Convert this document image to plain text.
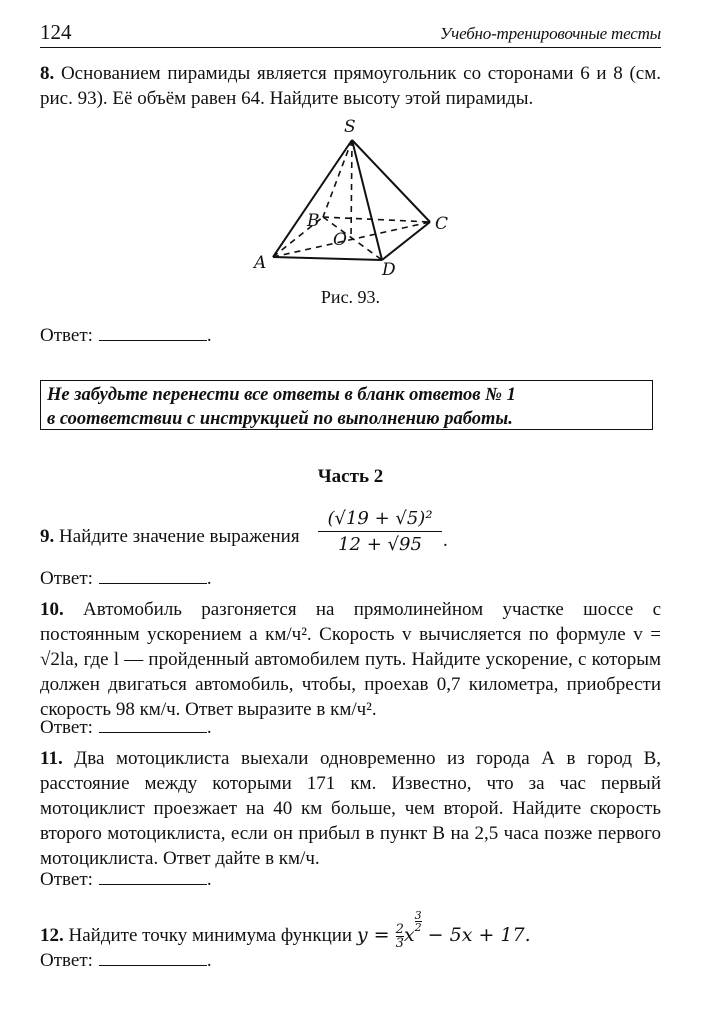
124	Учебно-тренировочные тесты
8. Основанием пирамиды является прямоугольник со сторонами 6 и 8 (см. рис. 93). Её объём равен 64. Найдите высоту этой пирамиды.
S
A
B	C
D
O
Рис. 93.
Ответ:	.
Не забудьте перенести все ответы в бланк ответов № 1
в соответствии с инструкцией по выполнению работы.
Часть 2
9. Найдите значение выражения
(√19 + √5)²
12 + √95	.
Ответ:	.
10. Автомобиль разгоняется на прямолинейном участке шоссе с постоянным ускорением a км/ч². Скорость v вычисляется по формуле v = √2la, где l — пройденный автомобилем путь. Найдите ускорение, с которым должен двигаться автомобиль, чтобы, проехав 0,7 километра, приобрести скорость 98 км/ч. Ответ выразите в км/ч².
Ответ:	.
11. Два мотоциклиста выехали одновременно из города А в город В, расстояние между которыми 171 км. Известно, что за час первый мотоциклист проезжает на 40 км больше, чем второй. Найдите скорость второго мотоциклиста, если он прибыл в пункт В на 2,5 часа позже первого мотоциклиста. Ответ дайте в км/ч.
Ответ:	.
12. Найдите точку минимума функции $y = \frac{2}{3}$ x
$\frac{3}{2}$
− 5x + 17.
Ответ:	.
